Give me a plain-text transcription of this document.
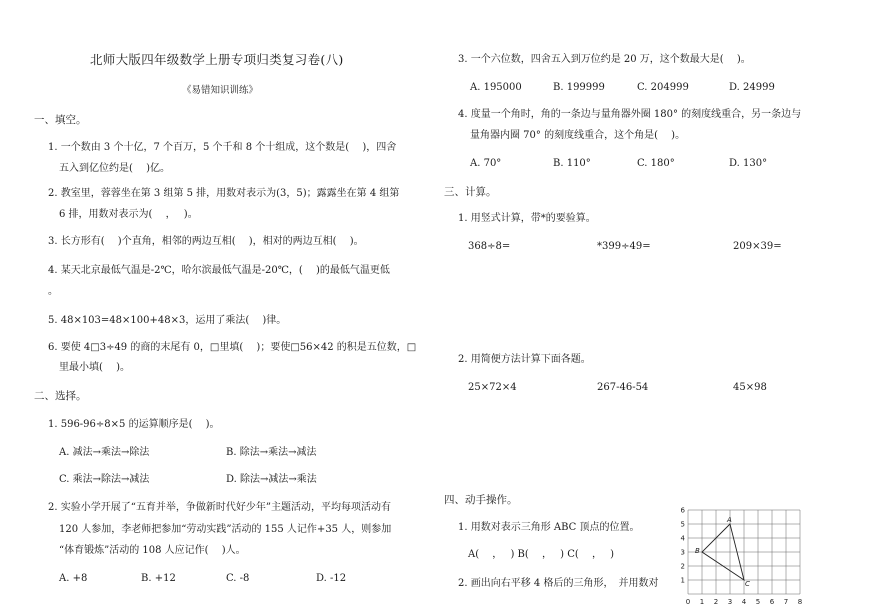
北师大版四年级数学上册专项归类复习卷(八)
《易错知识训练》
一、填空。
1. 一个数由 3 个十亿，7 个百万，5 个千和 8 个十组成，这个数是(　 )，四舍
五入到亿位约是(　 )亿。
2. 教室里，蓉蓉坐在第 3 组第 5 排，用数对表示为(3，5)；露露坐在第 4 组第
6 排，用数对表示为(　 ，　 )。
3. 长方形有(　 )个直角，相邻的两边互相(　 )，相对的两边互相(　 )。
4. 某天北京最低气温是-2℃，哈尔滨最低气温是-20℃，(　 )的最低气温更低
。
5. 48×103=48×100+48×3，运用了乘法(　 )律。
6. 要使 4□3÷49 的商的末尾有 0，□里填(　 )；要使□56×42 的积是五位数，□
里最小填(　 )。
二、选择。
1. 596-96÷8×5 的运算顺序是(　 )。
A. 减法→乘法→除法	B. 除法→乘法→减法
C. 乘法→除法→减法	D. 除法→减法→乘法
2. 实验小学开展了“五育并举，争做新时代好少年”主题活动，平均每项活动有
120 人参加，李老师把参加“劳动实践”活动的 155 人记作+35 人，则参加
“体育锻炼”活动的 108 人应记作(　 )人。
A. +8	B. +12	C. -8	D. -12
3. 一个六位数，四舍五入到万位约是 20 万，这个数最大是(　 )。
A. 195000	B. 199999	C. 204999	D. 24999
4. 度量一个角时，角的一条边与量角器外圈 180° 的刻度线重合，另一条边与
量角器内圈 70° 的刻度线重合，这个角是(　 )。
A. 70°	B. 110°	C. 180°	D. 130°
三、计算。
1. 用竖式计算，带*的要验算。
368÷8=	*399÷49=	209×39=
2. 用简便方法计算下面各题。
25×72×4	267-46-54	45×98
四、动手操作。
1. 用数对表示三角形 ABC 顶点的位置。
A(　 ，　 ) B(　 ，　 ) C(　 ，　 )
2. 画出向右平移 4 格后的三角形，　并用数对
0 1 2 3 4 5 6 7 8
1
2
3
4
5
6
A
B
C
